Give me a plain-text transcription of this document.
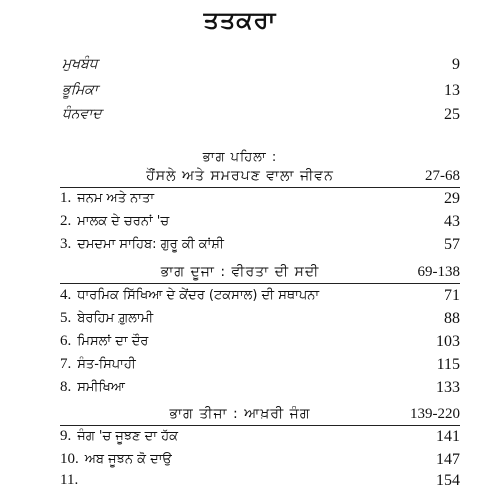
ਤਤਕਰਾ
ਮੁਖਬੰਧ	9
ਭੂਮਿਕਾ	13
ਧੰਨਵਾਦ	25
ਭਾਗ ਪਹਿਲਾ :
ਹੌਂਸਲੇ ਅਤੇ ਸਮਰਪਣ ਵਾਲਾ ਜੀਵਨ	27-68
1. ਜਨਮ ਅਤੇ ਨਾਤਾ	29
2. ਮਾਲਕ ਦੇ ਚਰਨਾਂ 'ਚ	43
3. ਦਮਦਮਾ ਸਾਹਿਬ: ਗੁਰੂ ਕੀ ਕਾਂਸ਼ੀ	57
ਭਾਗ ਦੂਜਾ : ਵੀਰਤਾ ਦੀ ਸਦੀ	69-138
4. ਧਾਰਮਿਕ ਸਿੱਖਿਆ ਦੇ ਕੇਂਦਰ (ਟਕਸਾਲ) ਦੀ ਸਥਾਪਨਾ	71
5. ਬੇਰਹਿਮ ਗ਼ੁਲਾਮੀ	88
6. ਮਿਸਲਾਂ ਦਾ ਦੌਰ	103
7. ਸੰਤ-ਸਿਪਾਹੀ	115
8. ਸਮੀਖਿਆ	133
ਭਾਗ ਤੀਜਾ : ਆਖ਼ਰੀ ਜੰਗ	139-220
9. ਜੰਗ 'ਚ ਜੂਝਣ ਦਾ ਹੱਕ	141
10. ਅਬ ਜੂਝਨ ਕੋ ਦਾਉ	147
11.	154
